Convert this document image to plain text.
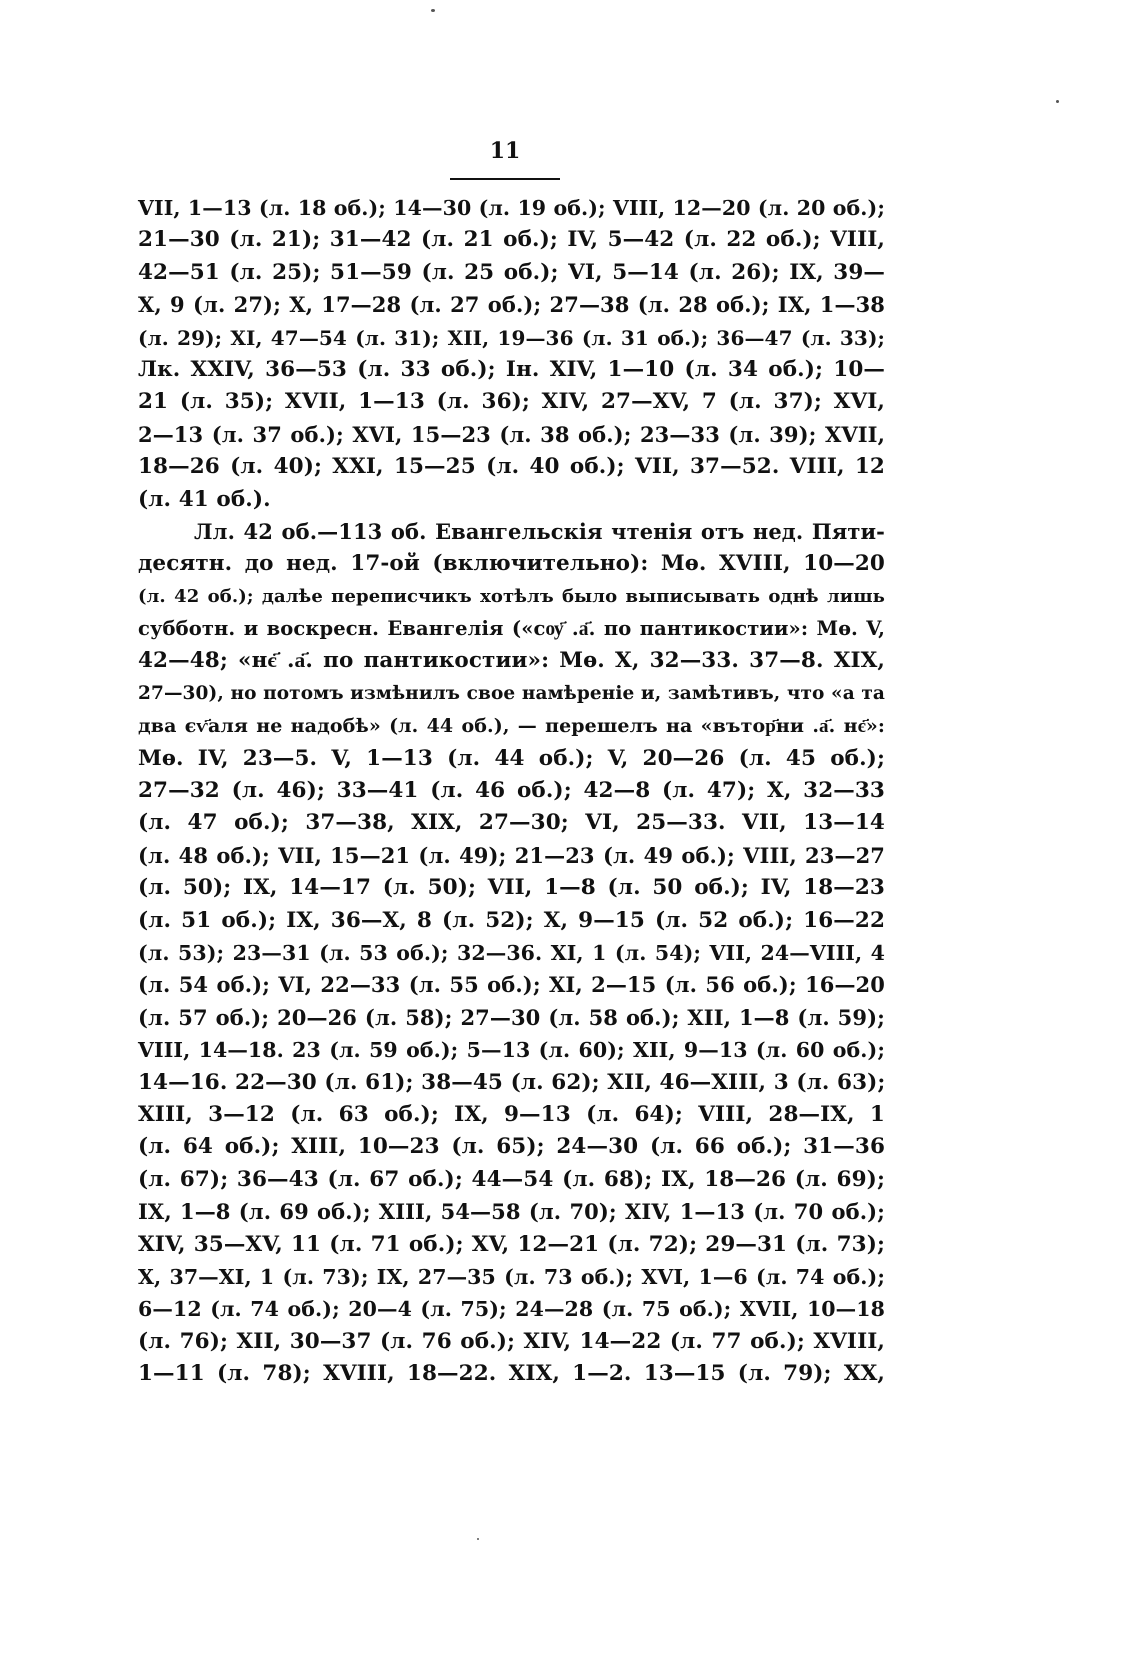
11
VII, 1—13 (л. 18 об.); 14—30 (л. 19 об.); VIII, 12—20 (л. 20 об.);
21—30 (л. 21); 31—42 (л. 21 об.); IV, 5—42 (л. 22 об.); VIII,
42—51 (л. 25); 51—59 (л. 25 об.); VI, 5—14 (л. 26); IX, 39—
X, 9 (л. 27); X, 17—28 (л. 27 об.); 27—38 (л. 28 об.); IX, 1—38
(л. 29); XI, 47—54 (л. 31); XII, 19—36 (л. 31 об.); 36—47 (л. 33);
Лк. XXIV, 36—53 (л. 33 об.); Ін. XIV, 1—10 (л. 34 об.); 10—
21 (л. 35); XVII, 1—13 (л. 36); XIV, 27—XV, 7 (л. 37); XVI,
2—13 (л. 37 об.); XVI, 15—23 (л. 38 об.); 23—33 (л. 39); XVII,
18—26 (л. 40); XXI, 15—25 (л. 40 об.); VII, 37—52. VIII, 12
(л. 41 об.).
Лл. 42 об.—113 об. Евангельскія чтенія отъ нед. Пяти-
десятн. до нед. 17-ой (включительно): Мѳ. XVIII, 10—20
(л. 42 об.); далѣе переписчикъ хотѣлъ было выписывать однѣ лишь
субботн. и воскресн. Евангелія («сѹ҃ .а҃. по пантикостии»: Мѳ. V,
42—48; «нє҃ .а҃. по пантикостии»: Мѳ. X, 32—33. 37—8. XIX,
27—30), но потомъ измѣнилъ свое намѣреніе и, замѣтивъ, что «а та
два єѵ҃аля не надобѣ» (л. 44 об.), — перешелъ на «вътор҃ни .а҃. нє҃»:
Мѳ. IV, 23—5. V, 1—13 (л. 44 об.); V, 20—26 (л. 45 об.);
27—32 (л. 46); 33—41 (л. 46 об.); 42—8 (л. 47); X, 32—33
(л. 47 об.); 37—38, XIX, 27—30; VI, 25—33. VII, 13—14
(л. 48 об.); VII, 15—21 (л. 49); 21—23 (л. 49 об.); VIII, 23—27
(л. 50); IX, 14—17 (л. 50); VII, 1—8 (л. 50 об.); IV, 18—23
(л. 51 об.); IX, 36—X, 8 (л. 52); X, 9—15 (л. 52 об.); 16—22
(л. 53); 23—31 (л. 53 об.); 32—36. XI, 1 (л. 54); VII, 24—VIII, 4
(л. 54 об.); VI, 22—33 (л. 55 об.); XI, 2—15 (л. 56 об.); 16—20
(л. 57 об.); 20—26 (л. 58); 27—30 (л. 58 об.); XII, 1—8 (л. 59);
VIII, 14—18. 23 (л. 59 об.); 5—13 (л. 60); XII, 9—13 (л. 60 об.);
14—16. 22—30 (л. 61); 38—45 (л. 62); XII, 46—XIII, 3 (л. 63);
XIII, 3—12 (л. 63 об.); IX, 9—13 (л. 64); VIII, 28—IX, 1
(л. 64 об.); XIII, 10—23 (л. 65); 24—30 (л. 66 об.); 31—36
(л. 67); 36—43 (л. 67 об.); 44—54 (л. 68); IX, 18—26 (л. 69);
IX, 1—8 (л. 69 об.); XIII, 54—58 (л. 70); XIV, 1—13 (л. 70 об.);
XIV, 35—XV, 11 (л. 71 об.); XV, 12—21 (л. 72); 29—31 (л. 73);
X, 37—XI, 1 (л. 73); IX, 27—35 (л. 73 об.); XVI, 1—6 (л. 74 об.);
6—12 (л. 74 об.); 20—4 (л. 75); 24—28 (л. 75 об.); XVII, 10—18
(л. 76); XII, 30—37 (л. 76 об.); XIV, 14—22 (л. 77 об.); XVIII,
1—11 (л. 78); XVIII, 18—22. XIX, 1—2. 13—15 (л. 79); XX,
